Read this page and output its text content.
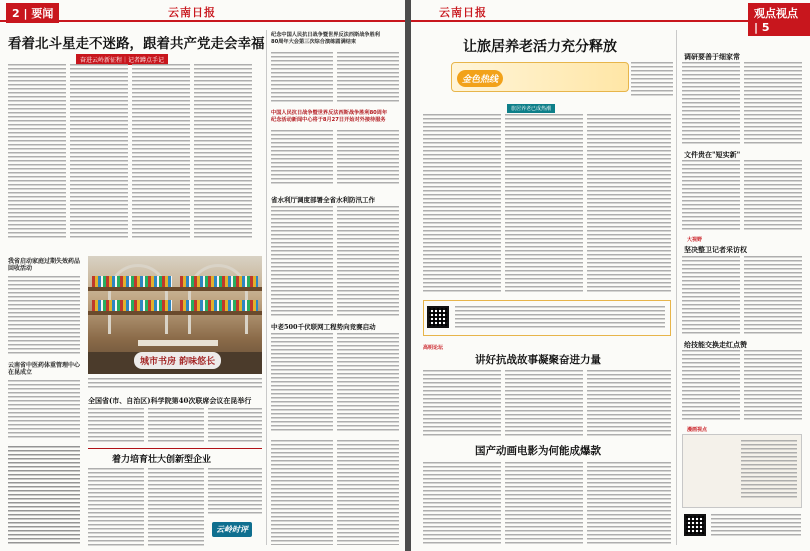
2 | 要闻	云南日报
看着北斗星走不迷路，跟着共产党走会幸福
奋进云岭新征程｜记者蹲点手记
纪念中国人民抗日战争暨世界反法西斯战争胜利
80周年大会第三次综合演练圆满结束
中国人民抗日战争暨世界反法西斯战争胜利80周年
纪念活动新闻中心将于8月27日开始对外接待服务
省水利厅调度部署全省水利防汛工作
中老500千伏联网工程势向竞赛启动
我省启动家庭过期失效药品回收活动
云南省中医药体重管理中心在昆成立
城市书房 韵味悠长
全国省(市、自治区)科学院第40次联席会议在昆举行
着力培育壮大创新型企业
云岭时评
云南日报	观点视点 | 5
让旅居养老活力充分释放
金色热线
旅居养老已成热潮
高明论坛
讲好抗战故事凝聚奋进力量
国产动画电影为何能成爆款
调研要善于细家常
文件贵在"短实新"
大视野
坚决整卫记者采访权
给技能交换走红点赞
漫画视点
